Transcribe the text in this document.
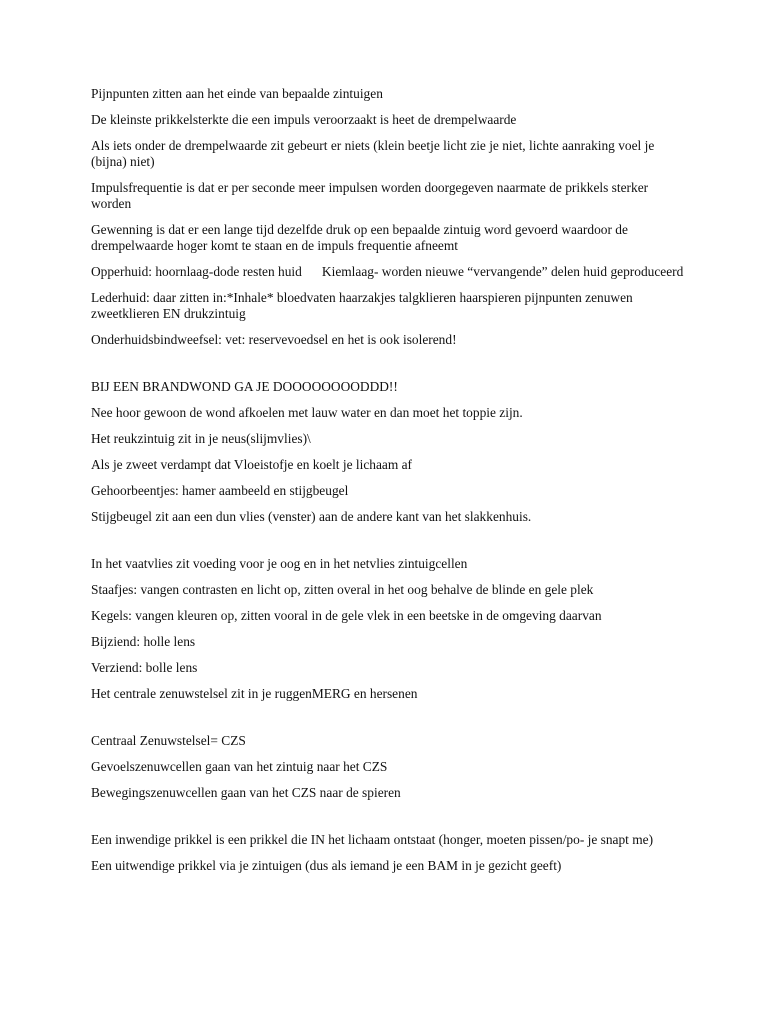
Pijnpunten zitten aan het einde van bepaalde zintuigen

De kleinste prikkelsterkte die een impuls veroorzaakt is heet de drempelwaarde

Als iets onder de drempelwaarde zit gebeurt er niets (klein beetje licht zie je niet, lichte aanraking voel je (bijna) niet)

Impulsfrequentie is dat er per seconde meer impulsen worden doorgegeven naarmate de prikkels sterker worden

Gewenning is dat er een lange tijd dezelfde druk op een bepaalde zintuig word gevoerd waardoor de drempelwaarde hoger komt te staan en de impuls frequentie afneemt

Opperhuid: hoornlaag-dode resten huid      Kiemlaag- worden nieuwe “vervangende” delen huid geproduceerd

Lederhuid: daar zitten in:*Inhale* bloedvaten haarzakjes talgklieren haarspieren pijnpunten zenuwen zweetklieren EN drukzintuig

Onderhuidsbindweefsel: vet: reservevoedsel en het is ook isolerend!

BIJ EEN BRANDWOND GA JE DOOOOOOOODDD!!

Nee hoor gewoon de wond afkoelen met lauw water en dan moet het toppie zijn.

Het reukzintuig zit in je neus(slijmvlies)\

Als je zweet verdampt dat Vloeistofje en koelt je lichaam af

Gehoorbeentjes: hamer aambeeld en stijgbeugel

Stijgbeugel zit aan een dun vlies (venster) aan de andere kant van het slakkenhuis.

In het vaatvlies zit voeding voor je oog en in het netvlies zintuigcellen

Staafjes: vangen contrasten en licht op, zitten overal in het oog behalve de blinde en gele plek

Kegels: vangen kleuren op, zitten vooral in de gele vlek in een beetske in de omgeving daarvan

Bijziend: holle lens

Verziend: bolle lens

Het centrale zenuwstelsel zit in je ruggenMERG en hersenen

Centraal Zenuwstelsel= CZS

Gevoelszenuwcellen gaan van het zintuig naar het CZS

Bewegingszenuwcellen gaan van het CZS naar de spieren

Een inwendige prikkel is een prikkel die IN het lichaam ontstaat (honger, moeten pissen/po- je snapt me)

Een uitwendige prikkel via je zintuigen (dus als iemand je een BAM in je gezicht geeft)
